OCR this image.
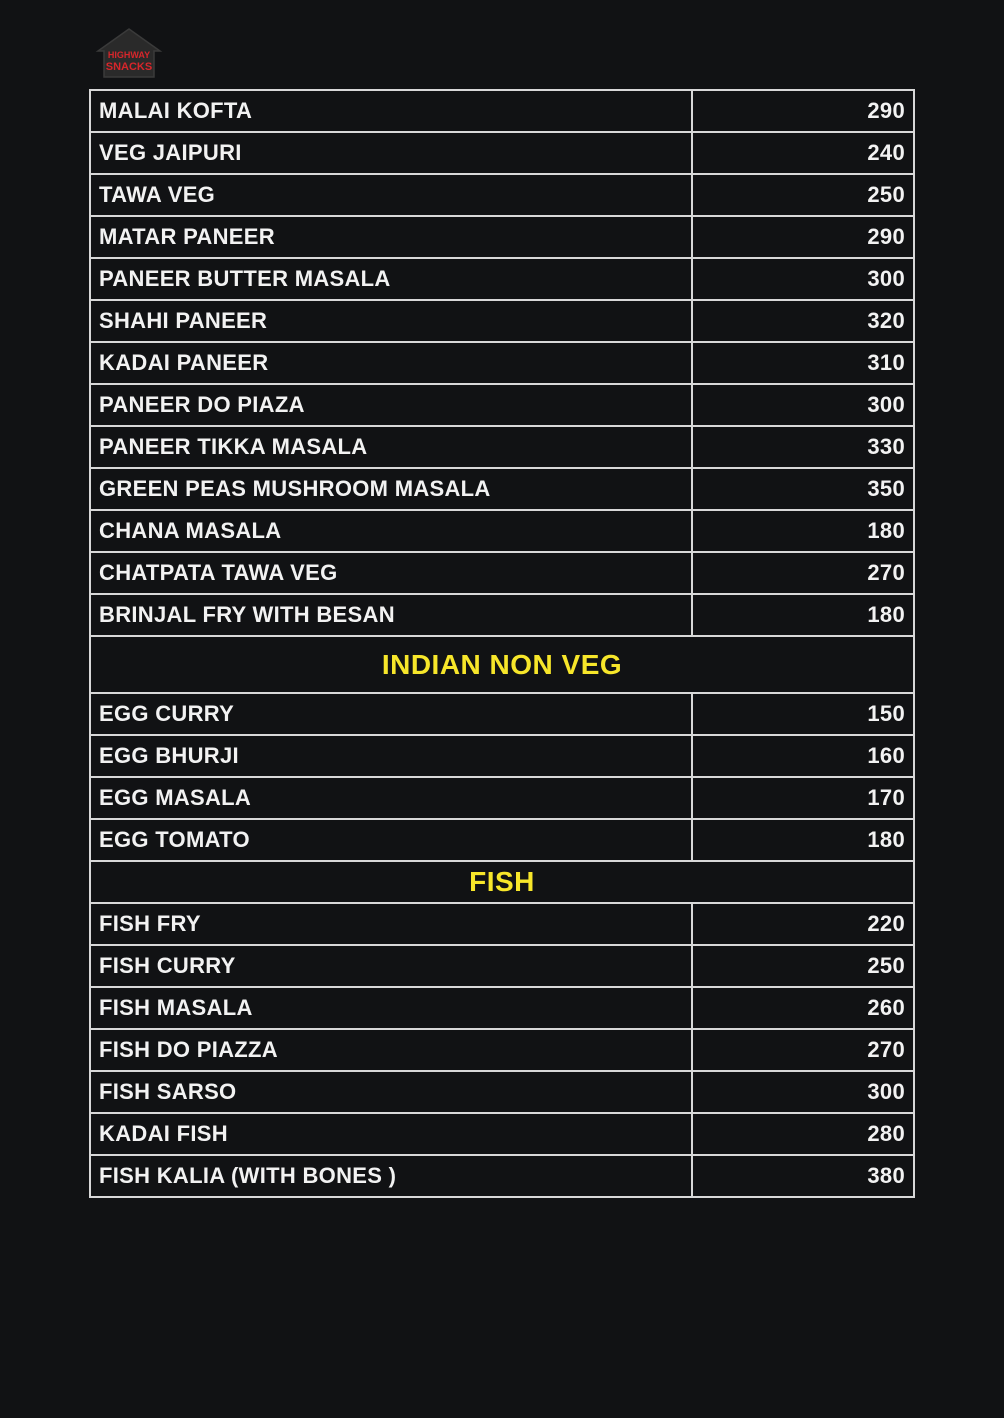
HIGHWAY
SNACKS
MALAI KOFTA	290
VEG JAIPURI	240
TAWA VEG	250
MATAR PANEER	290
PANEER BUTTER MASALA	300
SHAHI PANEER	320
KADAI PANEER	310
PANEER DO PIAZA	300
PANEER TIKKA MASALA	330
GREEN PEAS MUSHROOM MASALA	350
CHANA MASALA	180
CHATPATA TAWA VEG	270
BRINJAL FRY WITH BESAN	180
INDIAN NON VEG	
EGG CURRY	150
EGG BHURJI	160
EGG MASALA	170
EGG TOMATO	180
FISH	
FISH FRY	220
FISH CURRY	250
FISH MASALA	260
FISH DO PIAZZA	270
FISH SARSO	300
KADAI FISH	280
FISH KALIA (WITH BONES )	380
